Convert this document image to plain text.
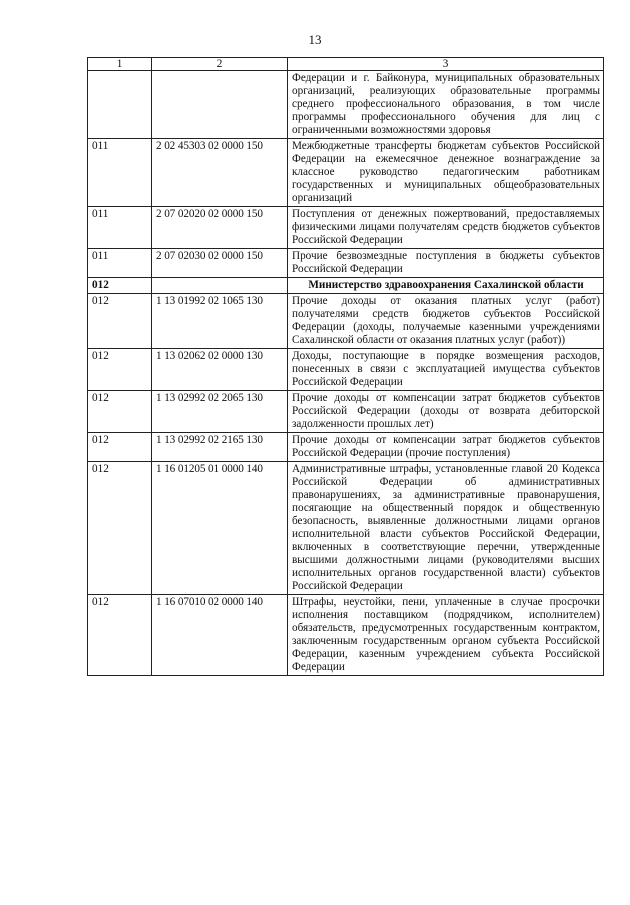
13
1	2	3
		Федерации и г. Байконура, муниципальных образовательных организаций, реализующих образовательные программы среднего профессионального образования, в том числе программы профессионального обучения для лиц с ограниченными возможностями здоровья
011	2 02 45303 02 0000 150	Межбюджетные трансферты бюджетам субъектов Российской Федерации на ежемесячное денежное вознаграждение за классное руководство педагогическим работникам государственных и муниципальных общеобразовательных организаций
011	2 07 02020 02 0000 150	Поступления от денежных пожертвований, предоставляемых физическими лицами получателям средств бюджетов субъектов Российской Федерации
011	2 07 02030 02 0000 150	Прочие безвозмездные поступления в бюджеты субъектов Российской Федерации
012		Министерство здравоохранения Сахалинской области
012	1 13 01992 02 1065 130	Прочие доходы от оказания платных услуг (работ) получателями средств бюджетов субъектов Российской Федерации (доходы, получаемые казенными учреждениями Сахалинской области от оказания платных услуг (работ))
012	1 13 02062 02 0000 130	Доходы, поступающие в порядке возмещения расходов, понесенных в связи с эксплуатацией имущества субъектов Российской Федерации
012	1 13 02992 02 2065 130	Прочие доходы от компенсации затрат бюджетов субъектов Российской Федерации (доходы от возврата дебиторской задолженности прошлых лет)
012	1 13 02992 02 2165 130	Прочие доходы от компенсации затрат бюджетов субъектов Российской Федерации (прочие поступления)
012	1 16 01205 01 0000 140	Административные штрафы, установленные главой 20 Кодекса Российской Федерации об административных правонарушениях, за административные правонарушения, посягающие на общественный порядок и общественную безопасность, выявленные должностными лицами органов исполнительной власти субъектов Российской Федерации, включенных в соответствующие перечни, утвержденные высшими должностными лицами (руководителями высших исполнительных органов государственной власти) субъектов Российской Федерации
012	1 16 07010 02 0000 140	Штрафы, неустойки, пени, уплаченные в случае просрочки исполнения поставщиком (подрядчиком, исполнителем) обязательств, предусмотренных государственным контрактом, заключенным государственным органом субъекта Российской Федерации, казенным учреждением субъекта Российской Федерации
